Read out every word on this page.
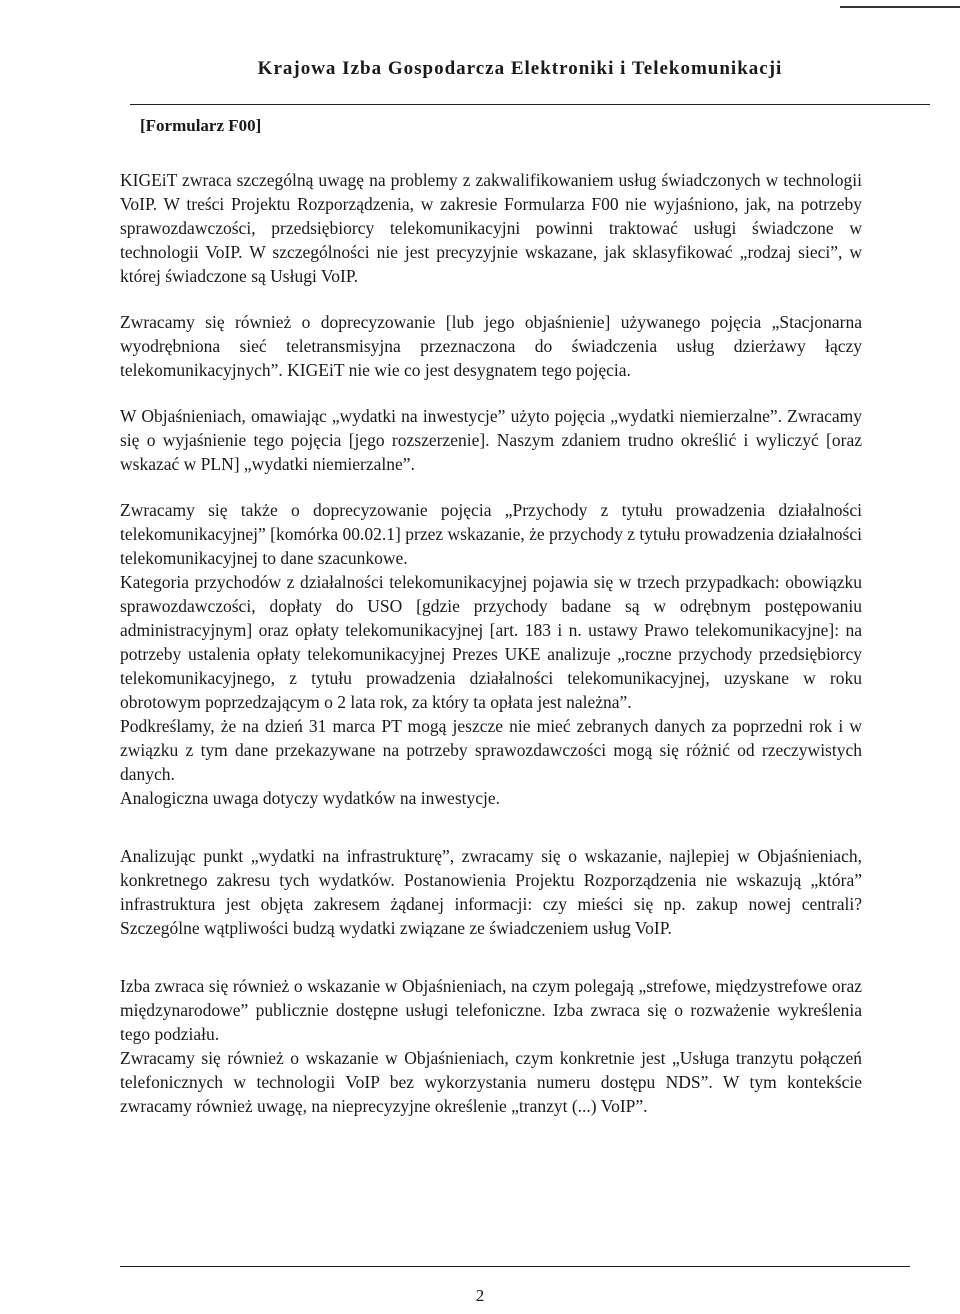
Krajowa Izba Gospodarcza Elektroniki i Telekomunikacji
[Formularz F00]

KIGEiT zwraca szczególną uwagę na problemy z zakwalifikowaniem usług świadczonych w technologii VoIP. W treści Projektu Rozporządzenia, w zakresie Formularza F00 nie wyjaśniono, jak, na potrzeby sprawozdawczości, przedsiębiorcy telekomunikacyjni powinni traktować usługi świadczone w technologii VoIP. W szczególności nie jest precyzyjnie wskazane, jak sklasyfikować „rodzaj sieci”, w której świadczone są Usługi VoIP.

Zwracamy się również o doprecyzowanie [lub jego objaśnienie] używanego pojęcia „Stacjonarna wyodrębniona sieć teletransmisyjna przeznaczona do świadczenia usług dzierżawy łączy telekomunikacyjnych”. KIGEiT nie wie co jest desygnatem tego pojęcia.

W Objaśnieniach, omawiając „wydatki na inwestycje” użyto pojęcia „wydatki niemierzalne”. Zwracamy się o wyjaśnienie tego pojęcia [jego rozszerzenie]. Naszym zdaniem trudno określić i wyliczyć [oraz wskazać w PLN] „wydatki niemierzalne”.

Zwracamy się także o doprecyzowanie pojęcia „Przychody z tytułu prowadzenia działalności telekomunikacyjnej” [komórka 00.02.1] przez wskazanie, że przychody z tytułu prowadzenia działalności telekomunikacyjnej to dane szacunkowe.

Kategoria przychodów z działalności telekomunikacyjnej pojawia się w trzech przypadkach: obowiązku sprawozdawczości, dopłaty do USO [gdzie przychody badane są w odrębnym postępowaniu administracyjnym] oraz opłaty telekomunikacyjnej [art. 183 i n. ustawy Prawo telekomunikacyjne]: na potrzeby ustalenia opłaty telekomunikacyjnej Prezes UKE analizuje „roczne przychody przedsiębiorcy telekomunikacyjnego, z tytułu prowadzenia działalności telekomunikacyjnej, uzyskane w roku obrotowym poprzedzającym o 2 lata rok, za który ta opłata jest należna”.

Podkreślamy, że na dzień 31 marca PT mogą jeszcze nie mieć zebranych danych za poprzedni rok i w związku z tym dane przekazywane na potrzeby sprawozdawczości mogą się różnić od rzeczywistych danych.

Analogiczna uwaga dotyczy wydatków na inwestycje.

Analizując punkt „wydatki na infrastrukturę”, zwracamy się o wskazanie, najlepiej w Objaśnieniach, konkretnego zakresu tych wydatków. Postanowienia Projektu Rozporządzenia nie wskazują „która” infrastruktura jest objęta zakresem żądanej informacji: czy mieści się np. zakup nowej centrali? Szczególne wątpliwości budzą wydatki związane ze świadczeniem usług VoIP.

Izba zwraca się również o wskazanie w Objaśnieniach, na czym polegają „strefowe, międzystrefowe oraz międzynarodowe” publicznie dostępne usługi telefoniczne. Izba zwraca się o rozważenie wykreślenia tego podziału.

Zwracamy się również o wskazanie w Objaśnieniach, czym konkretnie jest „Usługa tranzytu połączeń telefonicznych w technologii VoIP bez wykorzystania numeru dostępu NDS”. W tym kontekście zwracamy również uwagę, na nieprecyzyjne określenie „tranzyt (...) VoIP”.

2
